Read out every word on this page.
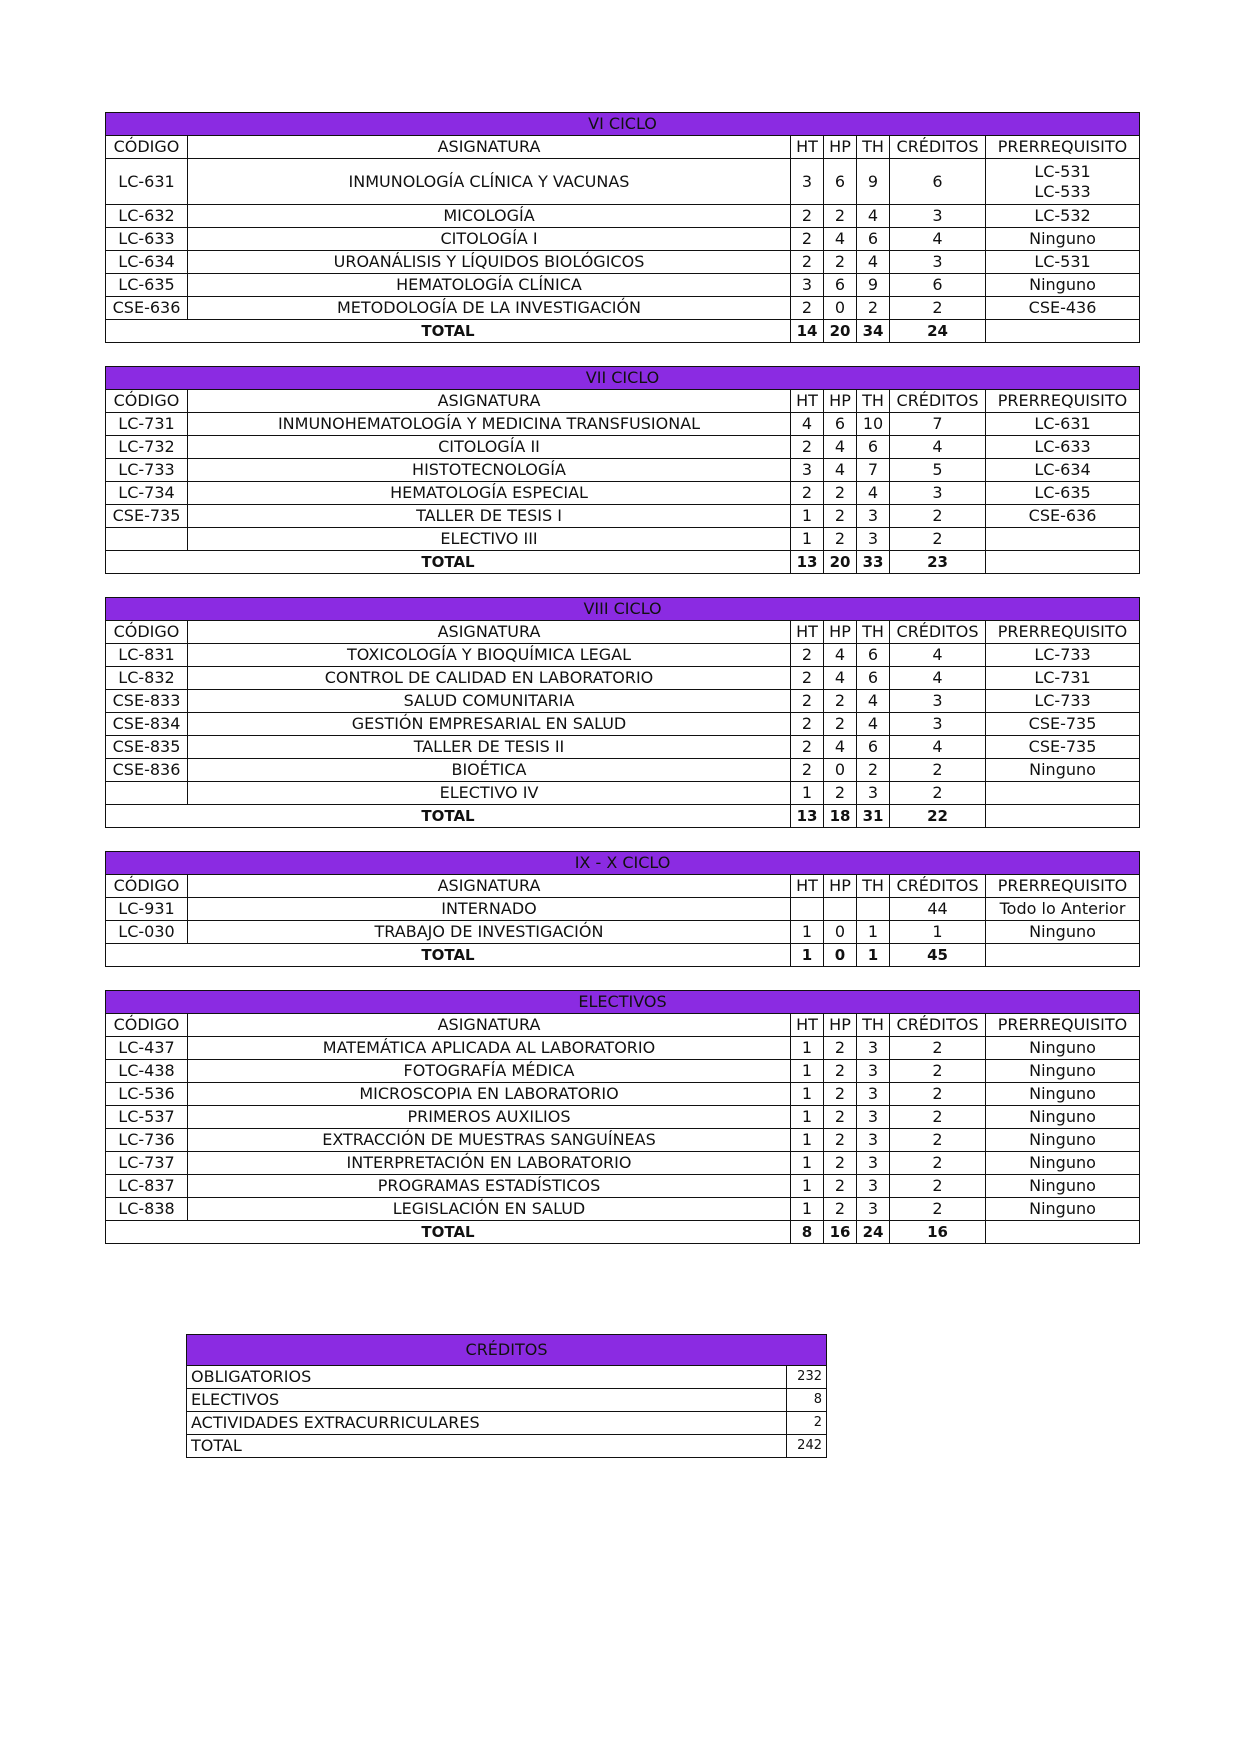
VI CICLO						
CÓDIGO	ASIGNATURA	HT	HP	TH	CRÉDITOS	PRERREQUISITO
LC-631	INMUNOLOGÍA CLÍNICA Y VACUNAS	3	6	9	6	LC-531
LC-533

LC-632	MICOLOGÍA	2	2	4	3	LC-532

LC-633	CITOLOGÍA I	2	4	6	4	Ninguno

LC-634	UROANÁLISIS Y LÍQUIDOS BIOLÓGICOS	2	2	4	3	LC-531

LC-635	HEMATOLOGÍA CLÍNICA	3	6	9	6	Ninguno

CSE-636	METODOLOGÍA DE LA INVESTIGACIÓN	2	0	2	2	CSE-436

TOTAL		14	20	34	24	
VII CICLO						
CÓDIGO	ASIGNATURA	HT	HP	TH	CRÉDITOS	PRERREQUISITO
LC-731	INMUNOHEMATOLOGÍA Y MEDICINA TRANSFUSIONAL	4	6	10	7	LC-631

LC-732	CITOLOGÍA II	2	4	6	4	LC-633

LC-733	HISTOTECNOLOGÍA	3	4	7	5	LC-634

LC-734	HEMATOLOGÍA ESPECIAL	2	2	4	3	LC-635

CSE-735	TALLER DE TESIS I	1	2	3	2	CSE-636

	ELECTIVO III	1	2	3	2	

TOTAL		13	20	33	23	
VIII CICLO						
CÓDIGO	ASIGNATURA	HT	HP	TH	CRÉDITOS	PRERREQUISITO
LC-831	TOXICOLOGÍA Y BIOQUÍMICA LEGAL	2	4	6	4	LC-733

LC-832	CONTROL DE CALIDAD EN LABORATORIO	2	4	6	4	LC-731

CSE-833	SALUD COMUNITARIA	2	2	4	3	LC-733

CSE-834	GESTIÓN EMPRESARIAL EN SALUD	2	2	4	3	CSE-735

CSE-835	TALLER DE TESIS II	2	4	6	4	CSE-735

CSE-836	BIOÉTICA	2	0	2	2	Ninguno

	ELECTIVO IV	1	2	3	2	

TOTAL		13	18	31	22	
IX - X CICLO						
CÓDIGO	ASIGNATURA	HT	HP	TH	CRÉDITOS	PRERREQUISITO
LC-931	INTERNADO				44	Todo lo Anterior

LC-030	TRABAJO DE INVESTIGACIÓN	1	0	1	1	Ninguno

TOTAL		1	0	1	45	
ELECTIVOS						
CÓDIGO	ASIGNATURA	HT	HP	TH	CRÉDITOS	PRERREQUISITO
LC-437	MATEMÁTICA APLICADA AL LABORATORIO	1	2	3	2	Ninguno

LC-438	FOTOGRAFÍA MÉDICA	1	2	3	2	Ninguno

LC-536	MICROSCOPIA EN LABORATORIO	1	2	3	2	Ninguno

LC-537	PRIMEROS AUXILIOS	1	2	3	2	Ninguno

LC-736	EXTRACCIÓN DE MUESTRAS SANGUÍNEAS	1	2	3	2	Ninguno

LC-737	INTERPRETACIÓN EN LABORATORIO	1	2	3	2	Ninguno

LC-837	PROGRAMAS ESTADÍSTICOS	1	2	3	2	Ninguno

LC-838	LEGISLACIÓN EN SALUD	1	2	3	2	Ninguno

TOTAL		8	16	24	16	
CRÉDITOS	
OBLIGATORIOS	232
ELECTIVOS	8
ACTIVIDADES EXTRACURRICULARES	2
TOTAL	242
